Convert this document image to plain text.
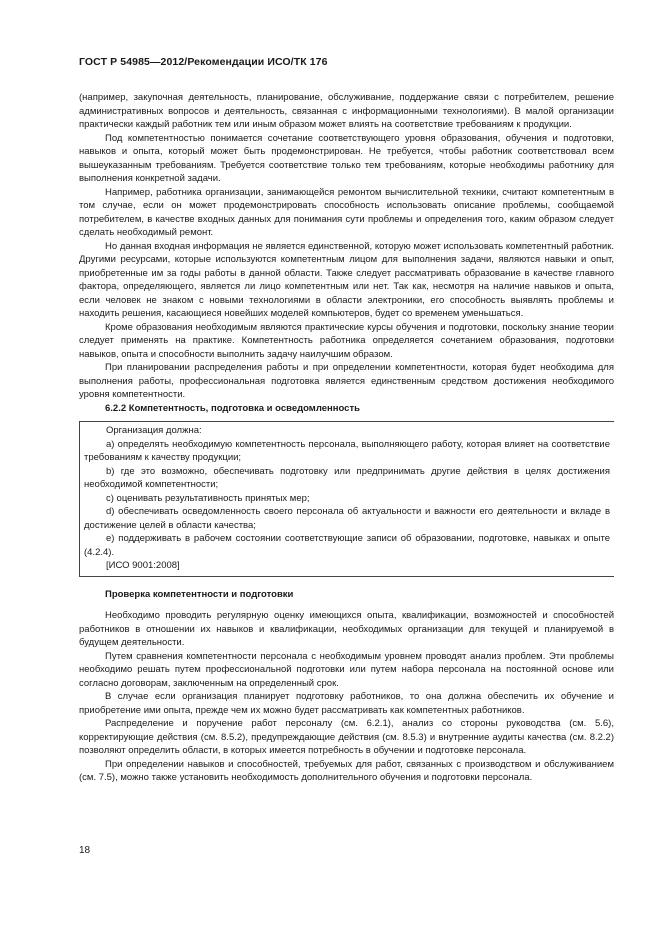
ГОСТ Р 54985—2012/Рекомендации ИСО/ТК 176

(например, закупочная деятельность, планирование, обслуживание, поддержание связи с потребителем, решение административных вопросов и деятельность, связанная с информационными технологиями). В малой организации практически каждый работник тем или иным образом может влиять на соответствие требованиям к продукции.

Под компетентностью понимается сочетание соответствующего уровня образования, обучения и подготовки, навыков и опыта, который может быть продемонстрирован. Не требуется, чтобы работник соответствовал всем вышеуказанным требованиям. Требуется соответствие только тем требованиям, которые необходимы работнику для выполнения конкретной задачи.

Например, работника организации, занимающейся ремонтом вычислительной техники, считают компетентным в том случае, если он может продемонстрировать способность использовать описание проблемы, сообщаемой потребителем, в качестве входных данных для понимания сути проблемы и определения того, каким образом следует сделать необходимый ремонт.

Но данная входная информация не является единственной, которую может использовать компетентный работник. Другими ресурсами, которые используются компетентным лицом для выполнения задачи, являются навыки и опыт, приобретенные им за годы работы в данной области. Также следует рассматривать образование в качестве главного фактора, определяющего, является ли лицо компетентным или нет. Так как, несмотря на наличие навыков и опыта, если человек не знаком с новыми технологиями в области электроники, его способность выявлять проблемы и находить решения, касающиеся новейших моделей компьютеров, будет со временем уменьшаться.

Кроме образования необходимым являются практические курсы обучения и подготовки, поскольку знание теории следует применять на практике. Компетентность работника определяется сочетанием образования, подготовки навыков, опыта и способности выполнить задачу наилучшим образом.

При планировании распределения работы и при определении компетентности, которая будет необходима для выполнения работы, профессиональная подготовка является единственным средством достижения необходимого уровня компетентности.

6.2.2 Компетентность, подготовка и осведомленность

Организация должна:

a) определять необходимую компетентность персонала, выполняющего работу, которая влияет на соответствие требованиям к качеству продукции;

b) где это возможно, обеспечивать подготовку или предпринимать другие действия в целях достижения необходимой компетентности;

c) оценивать результативность принятых мер;

d) обеспечивать осведомленность своего персонала об актуальности и важности его деятельности и вкладе в достижение целей в области качества;

e) поддерживать в рабочем состоянии соответствующие записи об образовании, подготовке, навыках и опыте (4.2.4).

[ИСО 9001:2008]

Проверка компетентности и подготовки

Необходимо проводить регулярную оценку имеющихся опыта, квалификации, возможностей и способностей работников в отношении их навыков и квалификации, необходимых организации для текущей и планируемой в будущем деятельности.

Путем сравнения компетентности персонала с необходимым уровнем проводят анализ проблем. Эти проблемы необходимо решать путем профессиональной подготовки или путем набора персонала на постоянной основе или согласно договорам, заключенным на определенный срок.

В случае если организация планирует подготовку работников, то она должна обеспечить их обучение и приобретение ими опыта, прежде чем их можно будет рассматривать как компетентных работников.

Распределение и поручение работ персоналу (см. 6.2.1), анализ со стороны руководства (см. 5.6), корректирующие действия (см. 8.5.2), предупреждающие действия (см. 8.5.3) и внутренние аудиты качества (см. 8.2.2) позволяют определить области, в которых имеется потребность в обучении и подготовке персонала.

При определении навыков и способностей, требуемых для работ, связанных с производством и обслуживанием (см. 7.5), можно также установить необходимость дополнительного обучения и подготовки персонала.

18
